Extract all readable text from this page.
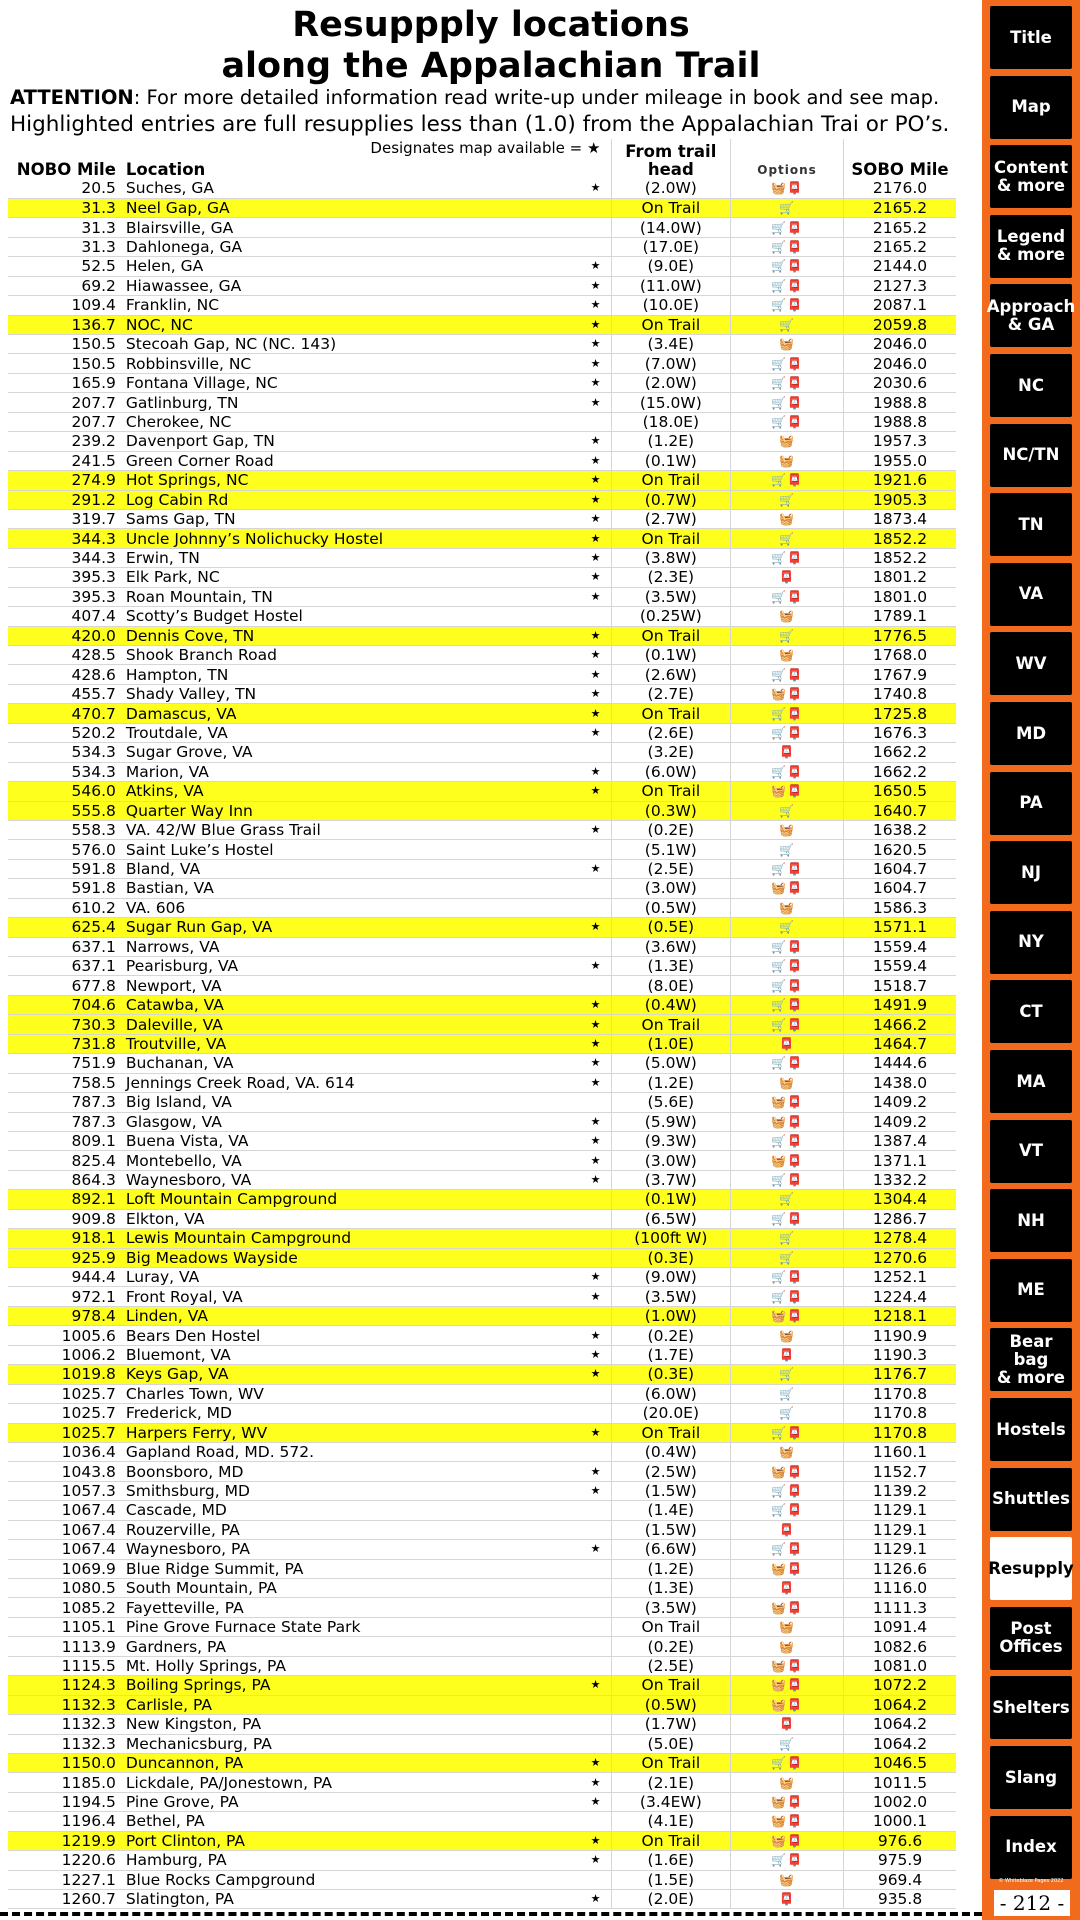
Resuppply locations
along the Appalachian Trail
ATTENTION: For more detailed information read write-up under mileage in book and see map.
Highlighted entries are full resupplies less than (1.0) from the Appalachian Trai or PO’s.
NOBO Mile	Location
Designates map available = ★		From trail head	Options	SOBO Mile
20.5	Suches, GA	★	(2.0W)	🧺📮	2176.0
31.3	Neel Gap, GA		On Trail	🛒	2165.2
31.3	Blairsville, GA		(14.0W)	🛒📮	2165.2
31.3	Dahlonega, GA		(17.0E)	🛒📮	2165.2
52.5	Helen, GA	★	(9.0E)	🛒📮	2144.0
69.2	Hiawassee, GA	★	(11.0W)	🛒📮	2127.3
109.4	Franklin, NC	★	(10.0E)	🛒📮	2087.1
136.7	NOC, NC	★	On Trail	🛒	2059.8
150.5	Stecoah Gap, NC (NC. 143)	★	(3.4E)	🧺	2046.0
150.5	Robbinsville, NC	★	(7.0W)	🛒📮	2046.0
165.9	Fontana Village, NC	★	(2.0W)	🛒📮	2030.6
207.7	Gatlinburg, TN	★	(15.0W)	🛒📮	1988.8
207.7	Cherokee, NC		(18.0E)	🛒📮	1988.8
239.2	Davenport Gap, TN	★	(1.2E)	🧺	1957.3
241.5	Green Corner Road	★	(0.1W)	🧺	1955.0
274.9	Hot Springs, NC	★	On Trail	🛒📮	1921.6
291.2	Log Cabin Rd	★	(0.7W)	🛒	1905.3
319.7	Sams Gap, TN	★	(2.7W)	🧺	1873.4
344.3	Uncle Johnny’s Nolichucky Hostel	★	On Trail	🛒	1852.2
344.3	Erwin, TN	★	(3.8W)	🛒📮	1852.2
395.3	Elk Park, NC	★	(2.3E)	📮	1801.2
395.3	Roan Mountain, TN	★	(3.5W)	🛒📮	1801.0
407.4	Scotty’s Budget Hostel		(0.25W)	🧺	1789.1
420.0	Dennis Cove, TN	★	On Trail	🛒	1776.5
428.5	Shook Branch Road	★	(0.1W)	🧺	1768.0
428.6	Hampton, TN	★	(2.6W)	🛒📮	1767.9
455.7	Shady Valley, TN	★	(2.7E)	🧺📮	1740.8
470.7	Damascus, VA	★	On Trail	🛒📮	1725.8
520.2	Troutdale, VA	★	(2.6E)	🛒📮	1676.3
534.3	Sugar Grove, VA		(3.2E)	📮	1662.2
534.3	Marion, VA	★	(6.0W)	🛒📮	1662.2
546.0	Atkins, VA	★	On Trail	🧺📮	1650.5
555.8	Quarter Way Inn		(0.3W)	🛒	1640.7
558.3	VA. 42/W Blue Grass Trail	★	(0.2E)	🧺	1638.2
576.0	Saint Luke’s Hostel		(5.1W)	🛒	1620.5
591.8	Bland, VA	★	(2.5E)	🛒📮	1604.7
591.8	Bastian, VA		(3.0W)	🧺📮	1604.7
610.2	VA. 606		(0.5W)	🧺	1586.3
625.4	Sugar Run Gap, VA	★	(0.5E)	🛒	1571.1
637.1	Narrows, VA		(3.6W)	🛒📮	1559.4
637.1	Pearisburg, VA	★	(1.3E)	🛒📮	1559.4
677.8	Newport, VA		(8.0E)	🛒📮	1518.7
704.6	Catawba, VA	★	(0.4W)	🛒📮	1491.9
730.3	Daleville, VA	★	On Trail	🛒📮	1466.2
731.8	Troutville, VA	★	(1.0E)	📮	1464.7
751.9	Buchanan, VA	★	(5.0W)	🛒📮	1444.6
758.5	Jennings Creek Road, VA. 614	★	(1.2E)	🧺	1438.0
787.3	Big Island, VA		(5.6E)	🧺📮	1409.2
787.3	Glasgow, VA	★	(5.9W)	🧺📮	1409.2
809.1	Buena Vista, VA	★	(9.3W)	🛒📮	1387.4
825.4	Montebello, VA	★	(3.0W)	🧺📮	1371.1
864.3	Waynesboro, VA	★	(3.7W)	🛒📮	1332.2
892.1	Loft Mountain Campground		(0.1W)	🛒	1304.4
909.8	Elkton, VA		(6.5W)	🛒📮	1286.7
918.1	Lewis Mountain Campground		(100ft W)	🛒	1278.4
925.9	Big Meadows Wayside		(0.3E)	🛒	1270.6
944.4	Luray, VA	★	(9.0W)	🛒📮	1252.1
972.1	Front Royal, VA	★	(3.5W)	🛒📮	1224.4
978.4	Linden, VA		(1.0W)	🧺📮	1218.1
1005.6	Bears Den Hostel	★	(0.2E)	🧺	1190.9
1006.2	Bluemont, VA	★	(1.7E)	📮	1190.3
1019.8	Keys Gap, VA	★	(0.3E)	🛒	1176.7
1025.7	Charles Town, WV		(6.0W)	🛒	1170.8
1025.7	Frederick, MD		(20.0E)	🛒	1170.8
1025.7	Harpers Ferry, WV	★	On Trail	🛒📮	1170.8
1036.4	Gapland Road, MD. 572.		(0.4W)	🧺	1160.1
1043.8	Boonsboro, MD	★	(2.5W)	🧺📮	1152.7
1057.3	Smithsburg, MD	★	(1.5W)	🛒📮	1139.2
1067.4	Cascade, MD		(1.4E)	🛒📮	1129.1
1067.4	Rouzerville, PA		(1.5W)	📮	1129.1
1067.4	Waynesboro, PA	★	(6.6W)	🛒📮	1129.1
1069.9	Blue Ridge Summit, PA		(1.2E)	🧺📮	1126.6
1080.5	South Mountain, PA		(1.3E)	📮	1116.0
1085.2	Fayetteville, PA		(3.5W)	🧺📮	1111.3
1105.1	Pine Grove Furnace State Park		On Trail	🧺	1091.4
1113.9	Gardners, PA		(0.2E)	🧺	1082.6
1115.5	Mt. Holly Springs, PA		(2.5E)	🧺📮	1081.0
1124.3	Boiling Springs, PA	★	On Trail	🧺📮	1072.2
1132.3	Carlisle, PA		(0.5W)	🧺📮	1064.2
1132.3	New Kingston, PA		(1.7W)	📮	1064.2
1132.3	Mechanicsburg, PA		(5.0E)	🛒	1064.2
1150.0	Duncannon, PA	★	On Trail	🛒📮	1046.5
1185.0	Lickdale, PA/Jonestown, PA	★	(2.1E)	🧺	1011.5
1194.5	Pine Grove, PA	★	(3.4EW)	🧺📮	1002.0
1196.4	Bethel, PA		(4.1E)	🧺📮	1000.1
1219.9	Port Clinton, PA	★	On Trail	🧺📮	976.6
1220.6	Hamburg, PA	★	(1.6E)	🛒📮	975.9
1227.1	Blue Rocks Campground		(1.5E)	🧺	969.4
1260.7	Slatington, PA	★	(2.0E)	📮	935.8
Title
Map
Content
& more
Legend
& more
Approach
& GA
NC
NC/TN
TN
VA
WV
MD
PA
NJ
NY
CT
MA
VT
NH
ME
Bear bag
& more
Hostels
Shuttles
Resupply
Post
Offices
Shelters
Slang
Index
© Whiteblaze Pages 2022
- 212 -
